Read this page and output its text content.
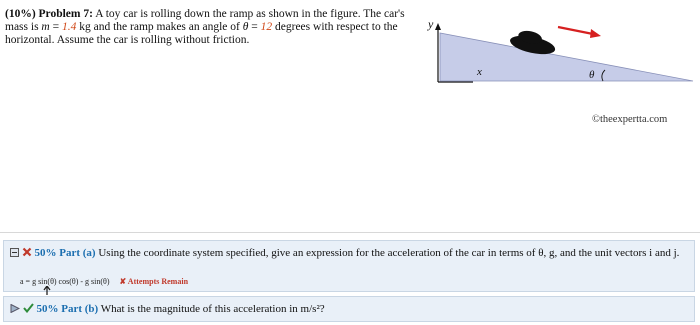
(10%) Problem 7: A toy car is rolling down the ramp as shown in the figure. The car's mass is m = 1.4 kg and the ramp makes an angle of θ = 12 degrees with respect to the horizontal. Assume the car is rolling without friction.
y
x	θ
©theexpertta.com
50% Part (a) Using the coordinate system specified, give an expression for the acceleration of the car in terms of θ, g, and the unit vectors i and j.
a = g sin(θ) cos(θ) - g sin(θ) ✘ Attempts Remain
50% Part (b) What is the magnitude of this acceleration in m/s²?
